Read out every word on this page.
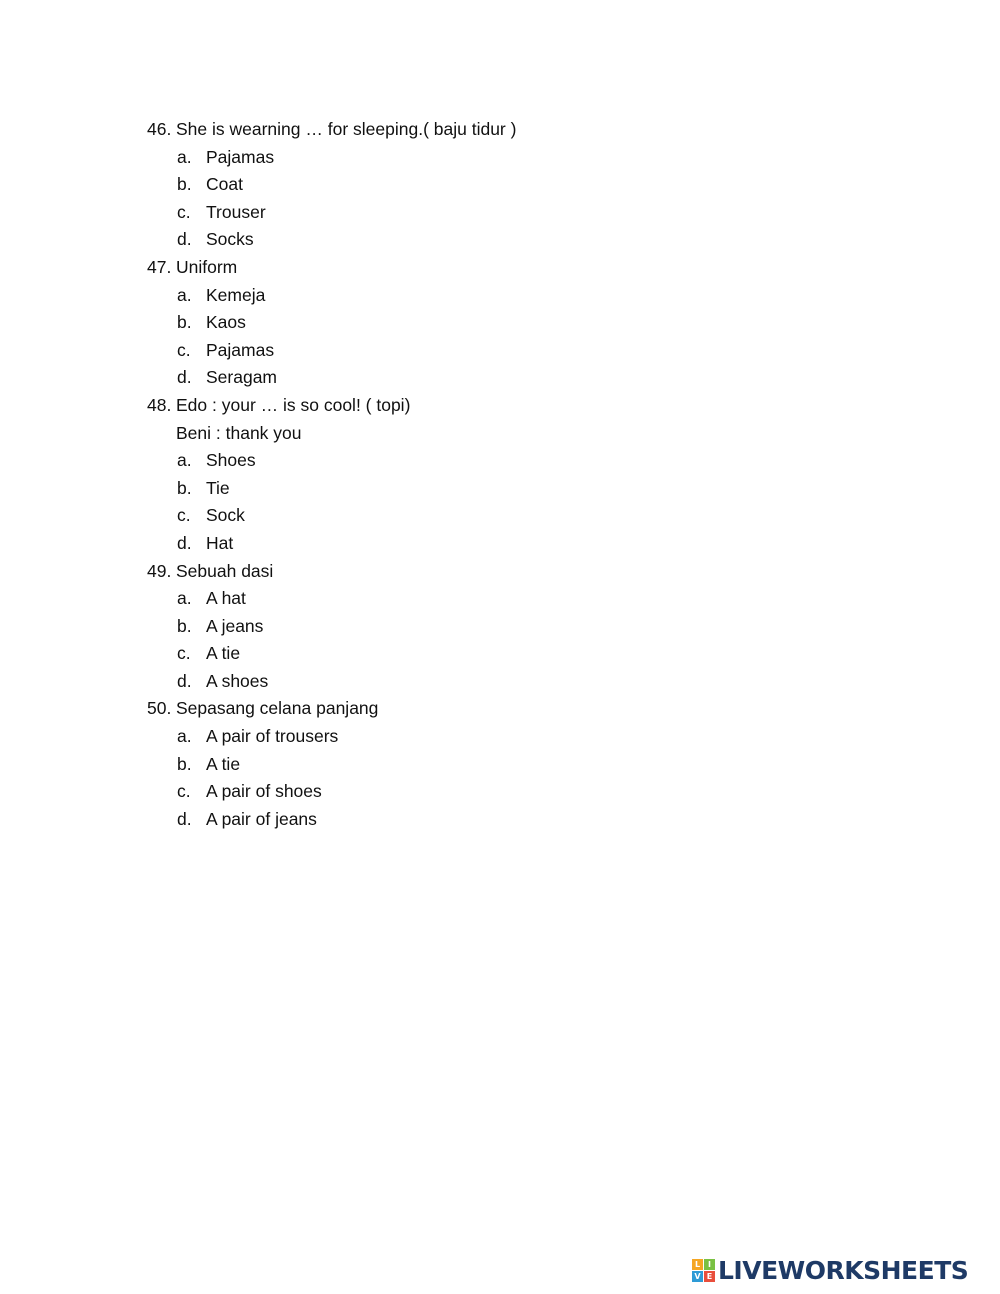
46. She is wearning … for sleeping.( baju tidur )
a. Pajamas
b. Coat
c. Trouser
d. Socks
47. Uniform
a. Kemeja
b. Kaos
c. Pajamas
d. Seragam
48. Edo : your … is so cool! ( topi)
Beni : thank you
a. Shoes
b. Tie
c. Sock
d. Hat
49. Sebuah dasi
a. A hat
b. A jeans
c. A tie
d. A shoes
50. Sepasang celana panjang
a. A pair of trousers
b. A tie
c. A pair of shoes
d. A pair of jeans
L I
V E LIVEWORKSHEETS
